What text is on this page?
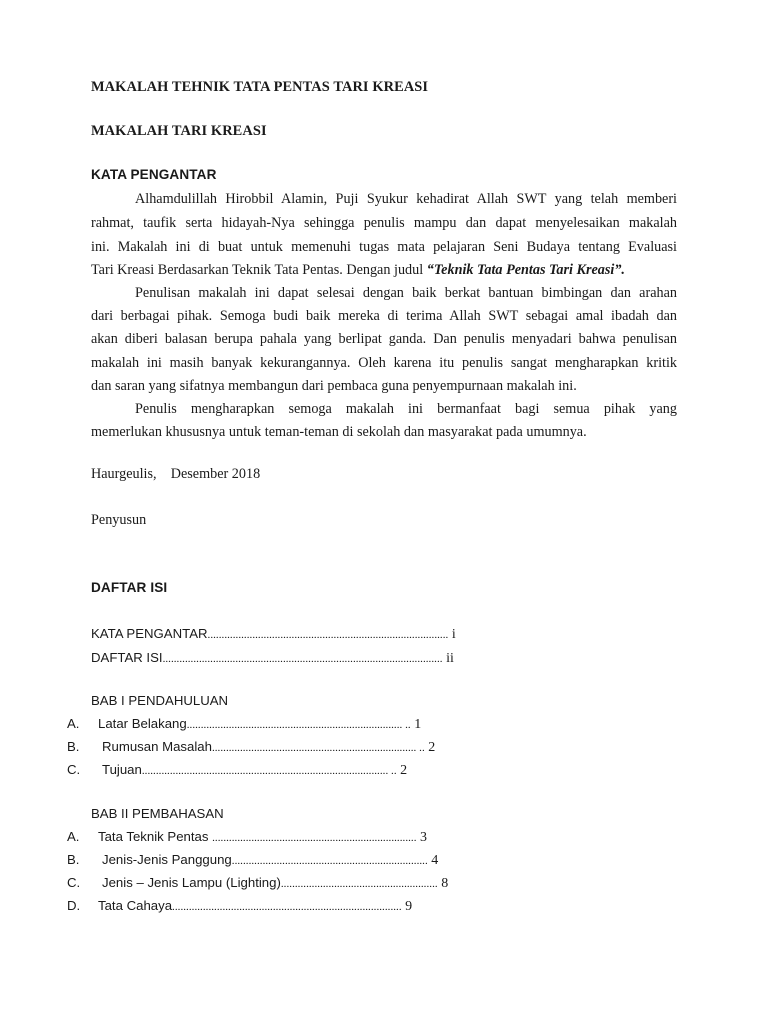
MAKALAH TEHNIK TATA PENTAS TARI KREASI
MAKALAH TARI KREASI
KATA PENGANTAR
Alhamdulillah Hirobbil Alamin, Puji Syukur kehadirat Allah SWT yang telah memberi
rahmat, taufik serta hidayah-Nya sehingga penulis mampu dan dapat menyelesaikan makalah
ini. Makalah ini di buat untuk memenuhi tugas mata pelajaran Seni Budaya tentang Evaluasi
Tari Kreasi Berdasarkan Teknik Tata Pentas. Dengan judul “Teknik Tata Pentas Tari Kreasi”.
Penulisan makalah ini dapat selesai dengan baik berkat bantuan bimbingan dan arahan
dari berbagai pihak. Semoga budi baik mereka di terima Allah SWT sebagai amal ibadah dan
akan diberi balasan berupa pahala yang berlipat ganda. Dan penulis menyadari bahwa penulisan
makalah ini masih banyak kekurangannya. Oleh karena itu penulis sangat mengharapkan kritik
dan saran yang sifatnya membangun dari pembaca guna penyempurnaan makalah ini.
Penulis mengharapkan semoga makalah ini bermanfaat bagi semua pihak yang
memerlukan khususnya untuk teman-teman di sekolah dan masyarakat pada umumnya.
Haurgeulis,    Desember 2018
Penyusun
DAFTAR ISI
KATA PENGANTAR...................................................................................... i
DAFTAR ISI.................................................................................................... ii
BAB I PENDAHULUAN
A. Latar Belakang............................................................................. .. 1
B. Rumusan Masalah......................................................................... .. 2
C. Tujuan........................................................................................ .. 2
BAB II PEMBAHASAN
A. Tata Teknik Pentas ......................................................................... 3
B. Jenis-Jenis Panggung...................................................................... 4
C. Jenis – Jenis Lampu (Lighting)........................................................ 8
D. Tata Cahaya.................................................................................. 9
